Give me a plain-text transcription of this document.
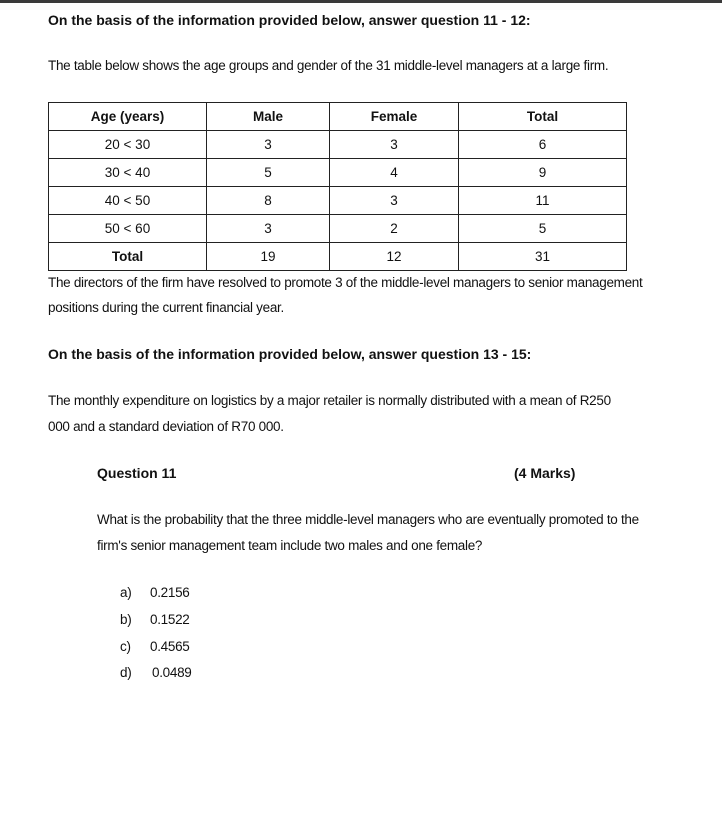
On the basis of the information provided below, answer question 11 - 12:
The table below shows the age groups and gender of the 31 middle-level managers at a large firm.
Age (years)	Male	Female	Total
20 < 30	3	3	6
30 < 40	5	4	9
40 < 50	8	3	11
50 < 60	3	2	5
Total	19	12	31
The directors of the firm have resolved to promote 3 of the middle-level managers to senior management
positions during the current financial year.
On the basis of the information provided below, answer question 13 - 15:
The monthly expenditure on logistics by a major retailer is normally distributed with a mean of R250
000 and a standard deviation of R70 000.
Question 11	(4 Marks)
What is the probability that the three middle-level managers who are eventually promoted to the
firm's senior management team include two males and one female?
a) 0.2156
b) 0.1522
c) 0.4565
d) 0.0489
